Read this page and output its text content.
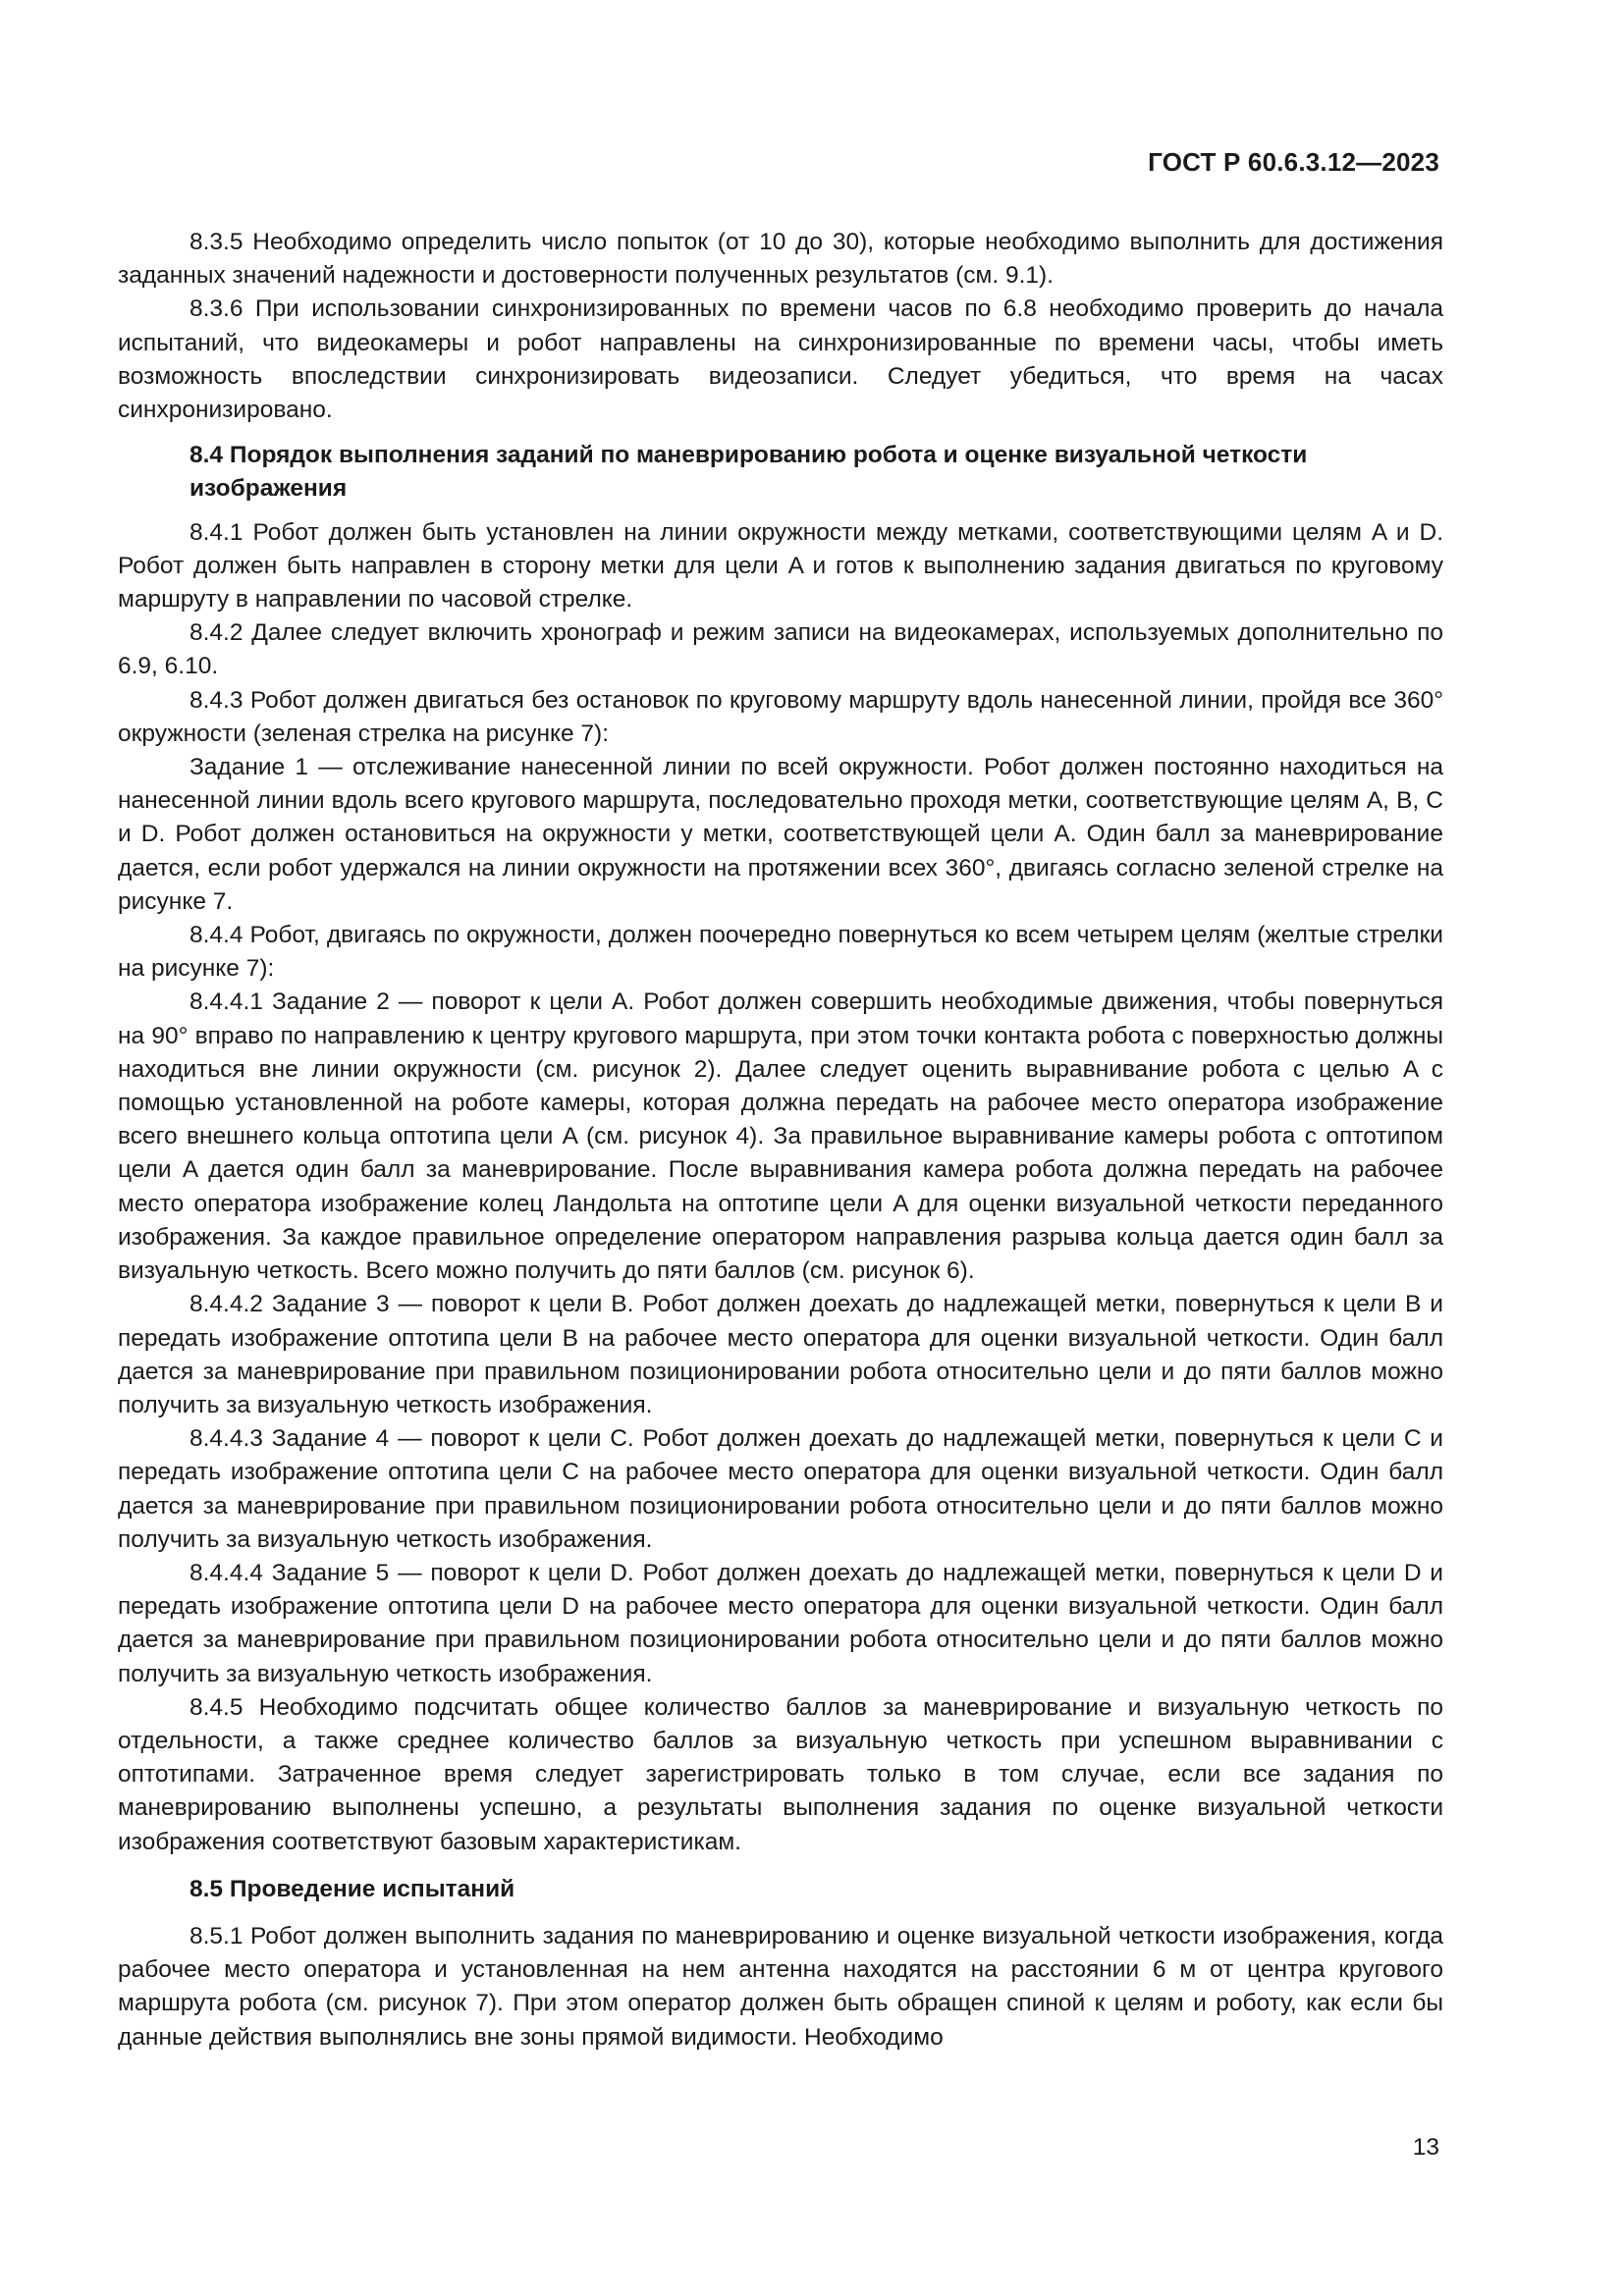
ГОСТ Р 60.6.3.12—2023

8.3.5 Необходимо определить число попыток (от 10 до 30), которые необходимо выполнить для достижения заданных значений надежности и достоверности полученных результатов (см. 9.1).

8.3.6 При использовании синхронизированных по времени часов по 6.8 необходимо проверить до начала испытаний, что видеокамеры и робот направлены на синхронизированные по времени часы, чтобы иметь возможность впоследствии синхронизировать видеозаписи. Следует убедиться, что время на часах синхронизировано.

8.4 Порядок выполнения заданий по маневрированию робота и оценке визуальной четкости изображения

8.4.1 Робот должен быть установлен на линии окружности между метками, соответствующими целям A и D. Робот должен быть направлен в сторону метки для цели A и готов к выполнению задания двигаться по круговому маршруту в направлении по часовой стрелке.

8.4.2 Далее следует включить хронограф и режим записи на видеокамерах, используемых дополнительно по 6.9, 6.10.

8.4.3 Робот должен двигаться без остановок по круговому маршруту вдоль нанесенной линии, пройдя все 360° окружности (зеленая стрелка на рисунке 7):

Задание 1 — отслеживание нанесенной линии по всей окружности. Робот должен постоянно находиться на нанесенной линии вдоль всего кругового маршрута, последовательно проходя метки, соответствующие целям A, B, C и D. Робот должен остановиться на окружности у метки, соответствующей цели A. Один балл за маневрирование дается, если робот удержался на линии окружности на протяжении всех 360°, двигаясь согласно зеленой стрелке на рисунке 7.

8.4.4 Робот, двигаясь по окружности, должен поочередно повернуться ко всем четырем целям (желтые стрелки на рисунке 7):

8.4.4.1 Задание 2 — поворот к цели A. Робот должен совершить необходимые движения, чтобы повернуться на 90° вправо по направлению к центру кругового маршрута, при этом точки контакта робота с поверхностью должны находиться вне линии окружности (см. рисунок 2). Далее следует оценить выравнивание робота с целью A с помощью установленной на роботе камеры, которая должна передать на рабочее место оператора изображение всего внешнего кольца оптотипа цели A (см. рисунок 4). За правильное выравнивание камеры робота с оптотипом цели A дается один балл за маневрирование. После выравнивания камера робота должна передать на рабочее место оператора изображение колец Ландольта на оптотипе цели A для оценки визуальной четкости переданного изображения. За каждое правильное определение оператором направления разрыва кольца дается один балл за визуальную четкость. Всего можно получить до пяти баллов (см. рисунок 6).

8.4.4.2 Задание 3 — поворот к цели B. Робот должен доехать до надлежащей метки, повернуться к цели B и передать изображение оптотипа цели B на рабочее место оператора для оценки визуальной четкости. Один балл дается за маневрирование при правильном позиционировании робота относительно цели и до пяти баллов можно получить за визуальную четкость изображения.

8.4.4.3 Задание 4 — поворот к цели C. Робот должен доехать до надлежащей метки, повернуться к цели C и передать изображение оптотипа цели C на рабочее место оператора для оценки визуальной четкости. Один балл дается за маневрирование при правильном позиционировании робота относительно цели и до пяти баллов можно получить за визуальную четкость изображения.

8.4.4.4 Задание 5 — поворот к цели D. Робот должен доехать до надлежащей метки, повернуться к цели D и передать изображение оптотипа цели D на рабочее место оператора для оценки визуальной четкости. Один балл дается за маневрирование при правильном позиционировании робота относительно цели и до пяти баллов можно получить за визуальную четкость изображения.

8.4.5 Необходимо подсчитать общее количество баллов за маневрирование и визуальную четкость по отдельности, а также среднее количество баллов за визуальную четкость при успешном выравнивании с оптотипами. Затраченное время следует зарегистрировать только в том случае, если все задания по маневрированию выполнены успешно, а результаты выполнения задания по оценке визуальной четкости изображения соответствуют базовым характеристикам.

8.5 Проведение испытаний

8.5.1 Робот должен выполнить задания по маневрированию и оценке визуальной четкости изображения, когда рабочее место оператора и установленная на нем антенна находятся на расстоянии 6 м от центра кругового маршрута робота (см. рисунок 7). При этом оператор должен быть обращен спиной к целям и роботу, как если бы данные действия выполнялись вне зоны прямой видимости. Необходимо

13
